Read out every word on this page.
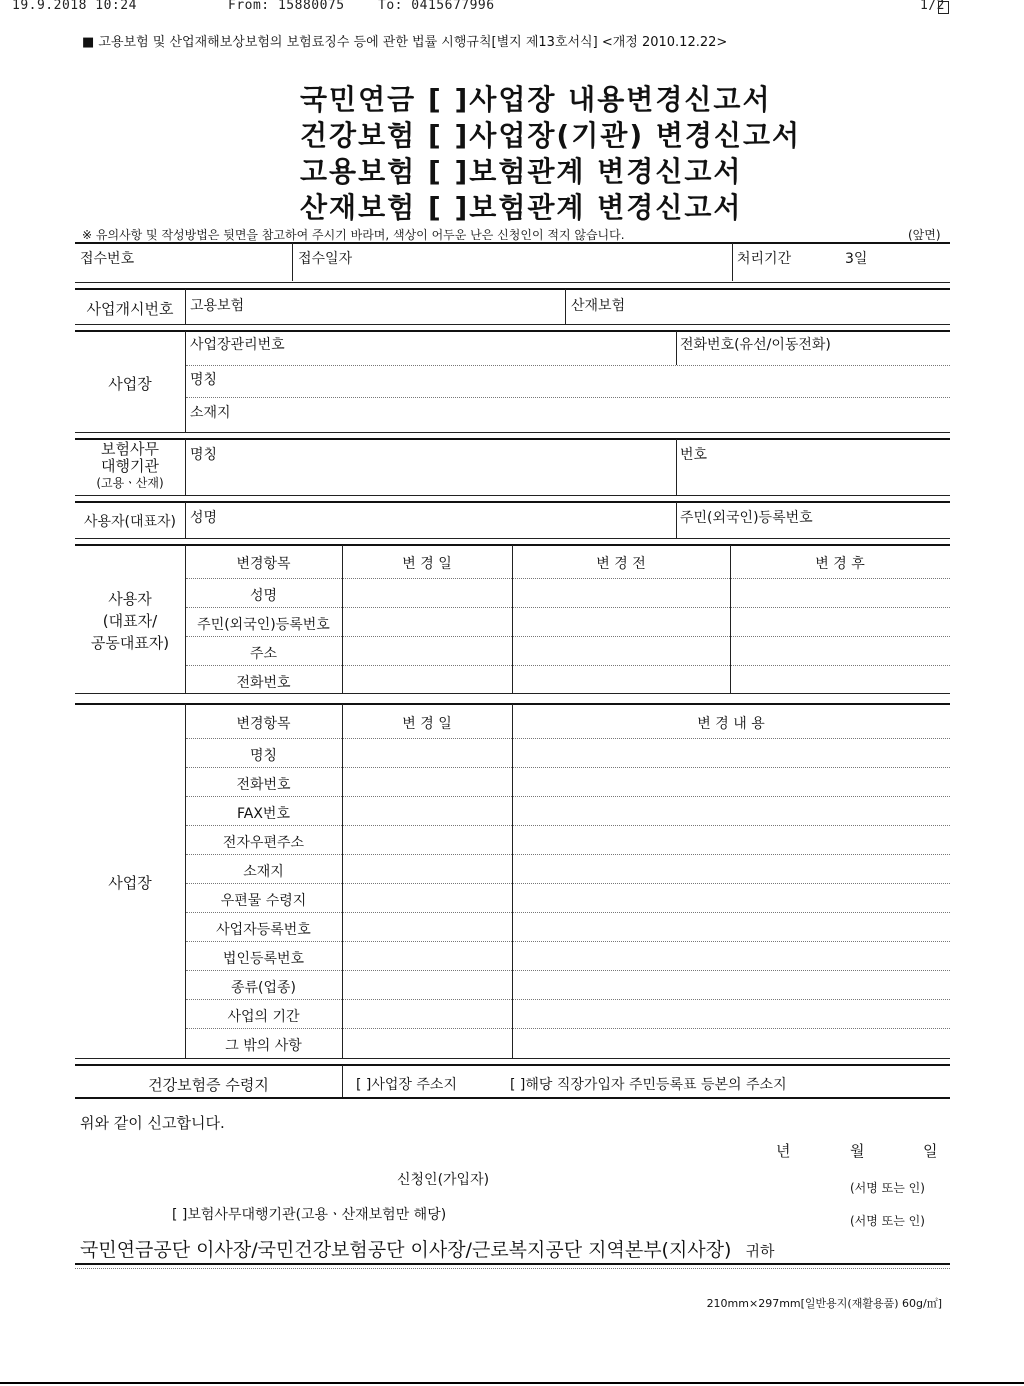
19.9.2018 10:24	From: 15880075	To: 0415677996	1/2
■ 고용보험 및 산업재해보상보험의 보험료징수 등에 관한 법률 시행규칙[별지 제13호서식] <개정 2010.12.22>
국민연금 [ ]사업장 내용변경신고서
건강보험 [ ]사업장(기관) 변경신고서
고용보험 [ ]보험관계 변경신고서
산재보험 [ ]보험관계 변경신고서
※ 유의사항 및 작성방법은 뒷면을 참고하여 주시기 바라며, 색상이 어두운 난은 신청인이 적지 않습니다.	(앞면)
접수번호	접수일자	처리기간	3일
사업개시번호	고용보험	산재보험
사업장
사업장관리번호	전화번호(유선/이동전화)
명칭
소재지
보험사무
대행기관
(고용ㆍ산재)
명칭	번호
사용자(대표자) 성명	주민(외국인)등록번호
사용자
(대표자/
공동대표자)
변경항목	변 경 일	변 경 전	변 경 후
성명
주민(외국인)등록번호
주소
전화번호
사업장
변경항목	변 경 일	변 경 내 용
명칭
전화번호
FAX번호
전자우편주소
소재지
우편물 수령지
사업자등록번호
법인등록번호
종류(업종)
사업의 기간
그 밖의 사항
건강보험증 수령지	[ ]사업장 주소지	[ ]해당 직장가입자 주민등록표 등본의 주소지
위와 같이 신고합니다.
년	월	일
신청인(가입자)	(서명 또는 인)
[ ]보험사무대행기관(고용ㆍ산재보험만 해당)	(서명 또는 인)
국민연금공단 이사장/국민건강보험공단 이사장/근로복지공단 지역본부(지사장) 귀하
210mm×297mm[일반용지(재활용품) 60g/㎡]
